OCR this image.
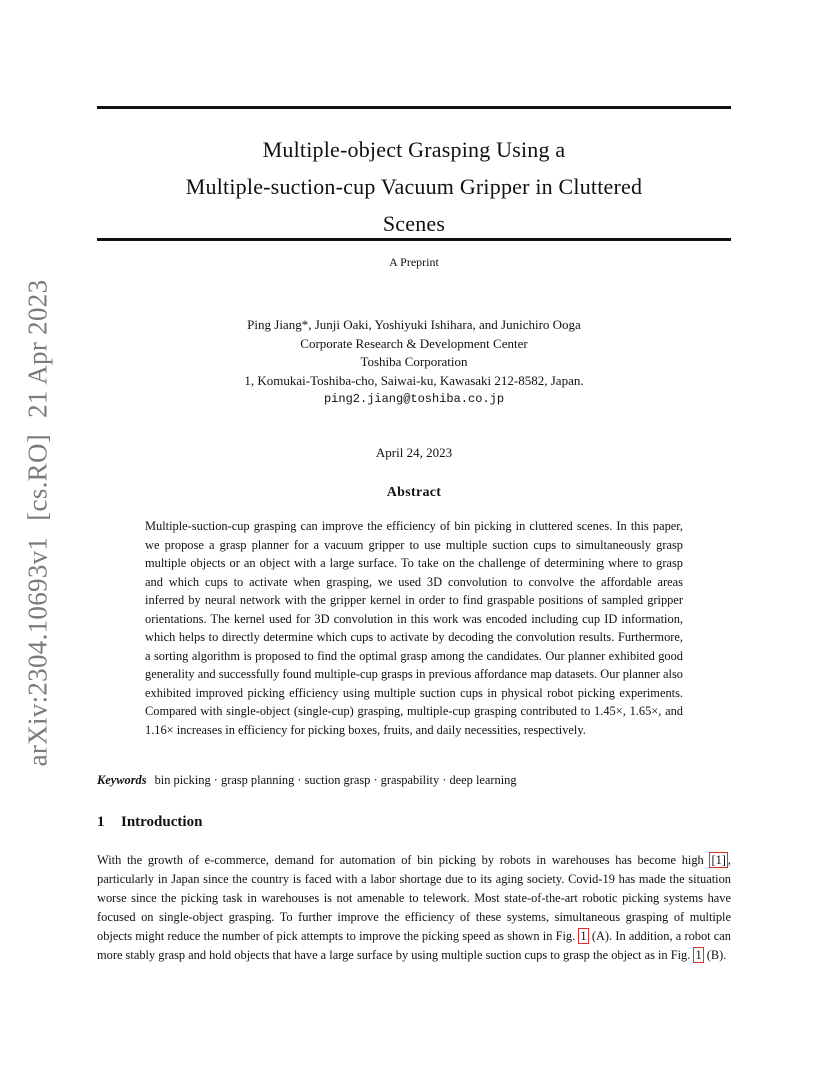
arXiv:2304.10693v1[cs.RO]21 Apr 2023
Multiple-object Grasping Using a
Multiple-suction-cup Vacuum Gripper in Cluttered
Scenes
A Preprint
Ping Jiang*, Junji Oaki, Yoshiyuki Ishihara, and Junichiro Ooga
Corporate Research & Development Center
Toshiba Corporation
1, Komukai-Toshiba-cho, Saiwai-ku, Kawasaki 212-8582, Japan.
ping2.jiang@toshiba.co.jp
April 24, 2023
Abstract

Multiple-suction-cup grasping can improve the efficiency of bin picking in cluttered scenes. In this paper, we propose a grasp planner for a vacuum gripper to use multiple suction cups to simultaneously grasp multiple objects or an object with a large surface. To take on the challenge of determining where to grasp and which cups to activate when grasping, we used 3D convolution to convolve the affordable areas inferred by neural network with the gripper kernel in order to find graspable positions of sampled gripper orientations. The kernel used for 3D convolution in this work was encoded including cup ID information, which helps to directly determine which cups to activate by decoding the convolution results. Furthermore, a sorting algorithm is proposed to find the optimal grasp among the candidates. Our planner exhibited good generality and successfully found multiple-cup grasps in previous affordance map datasets. Our planner also exhibited improved picking efficiency using multiple suction cups in physical robot picking experiments. Compared with single-object (single-cup) grasping, multiple-cup grasping contributed to 1.45×, 1.65×, and 1.16× increases in efficiency for picking boxes, fruits, and daily necessities, respectively.

Keywords bin picking · grasp planning · suction grasp · graspability · deep learning
1 Introduction

With the growth of e-commerce, demand for automation of bin picking by robots in warehouses has become high [1] , particularly in Japan since the country is faced with a labor shortage due to its aging society. Covid-19 has made the situation worse since the picking task in warehouses is not amenable to telework. Most state-of-the-art robotic picking systems have focused on single-object grasping. To further improve the efficiency of these systems, simultaneous grasping of multiple objects might reduce the number of pick attempts to improve the picking speed as shown in Fig. 1 (A). In addition, a robot can more stably grasp and hold objects that have a large surface by using multiple suction cups to grasp the object as in Fig. 1 (B).
